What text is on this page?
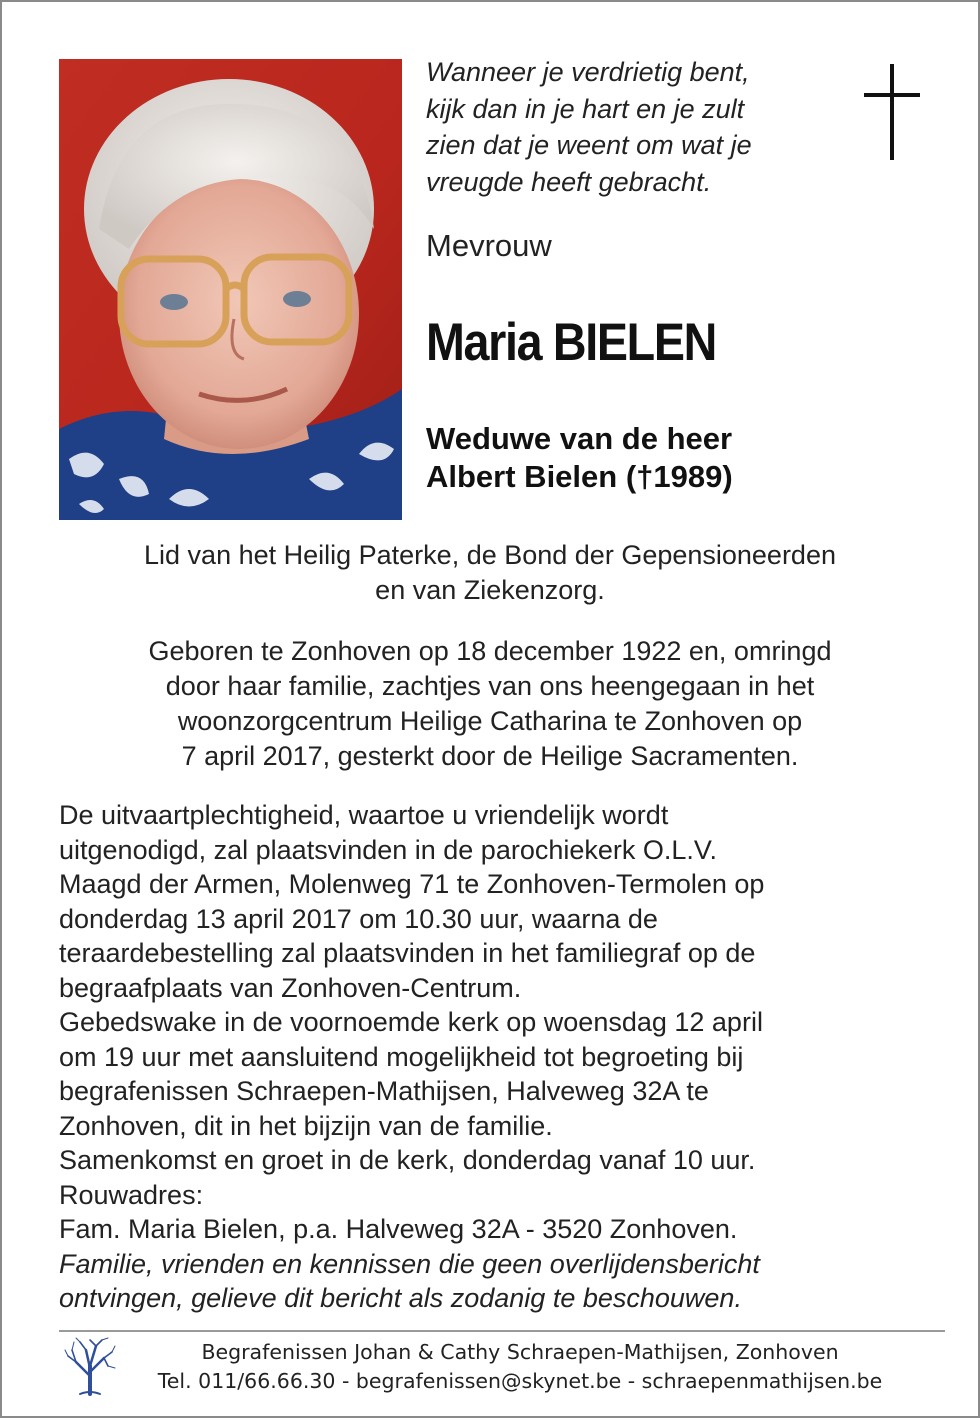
Wanneer je verdrietig bent,
kijk dan in je hart en je zult
zien dat je weent om wat je
vreugde heeft gebracht.
Mevrouw
Maria BIELEN
Weduwe van de heer
Albert Bielen (†1989)
Lid van het Heilig Paterke, de Bond der Gepensioneerden
en van Ziekenzorg.
Geboren te Zonhoven op 18 december 1922 en, omringd
door haar familie, zachtjes van ons heengegaan in het
woonzorgcentrum Heilige Catharina te Zonhoven op
7 april 2017, gesterkt door de Heilige Sacramenten.
De uitvaartplechtigheid, waartoe u vriendelijk wordt
uitgenodigd, zal plaatsvinden in de parochiekerk O.L.V.
Maagd der Armen, Molenweg 71 te Zonhoven-Termolen op
donderdag 13 april 2017 om 10.30 uur, waarna de
teraardebestelling zal plaatsvinden in het familiegraf op de
begraafplaats van Zonhoven-Centrum.
Gebedswake in de voornoemde kerk op woensdag 12 april
om 19 uur met aansluitend mogelijkheid tot begroeting bij
begrafenissen Schraepen-Mathijsen, Halveweg 32A te
Zonhoven, dit in het bijzijn van de familie.
Samenkomst en groet in de kerk, donderdag vanaf 10 uur.
Rouwadres:
Fam. Maria Bielen, p.a. Halveweg 32A - 3520 Zonhoven.
Familie, vrienden en kennissen die geen overlijdensbericht
ontvingen, gelieve dit bericht als zodanig te beschouwen.
Begrafenissen Johan & Cathy Schraepen-Mathijsen, Zonhoven
Tel. 011/66.66.30 - begrafenissen@skynet.be - schraepenmathijsen.be
